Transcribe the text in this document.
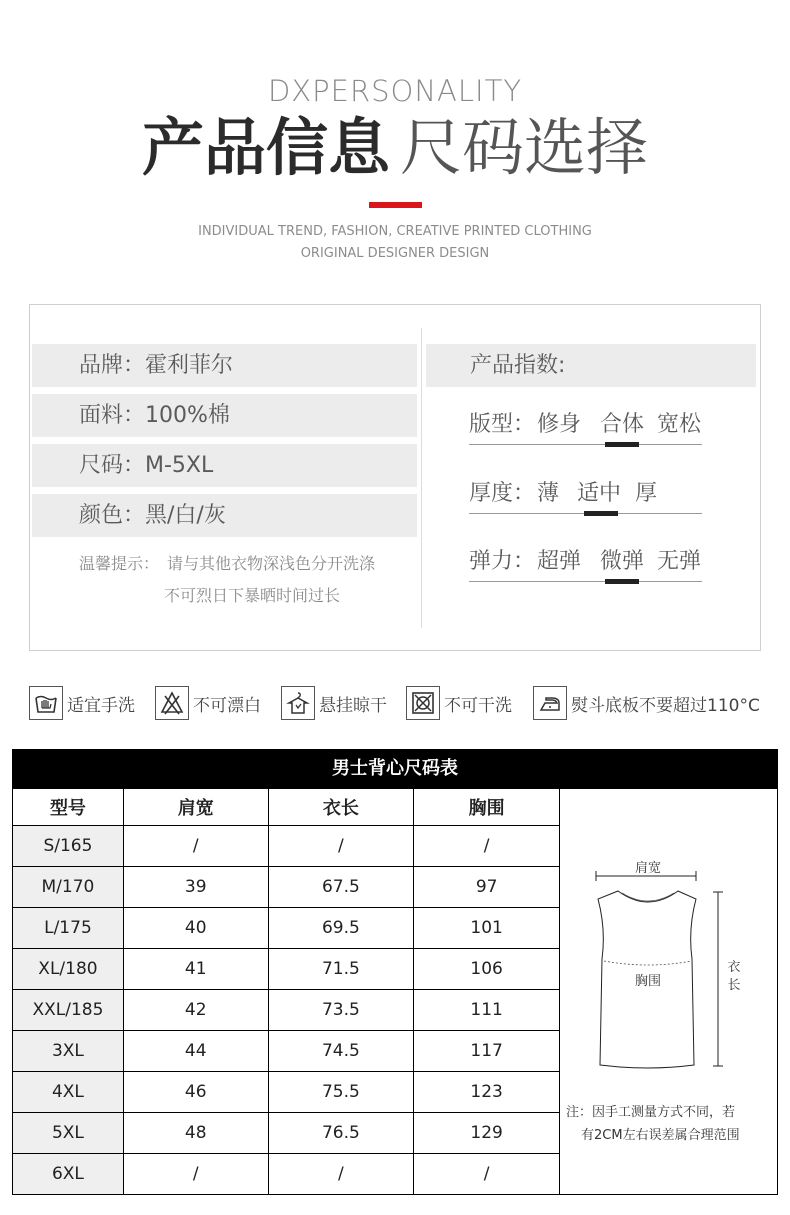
DXPERSONALITY
产品信息 尺码选择
INDIVIDUAL TREND, FASHION, CREATIVE PRINTED CLOTHING
ORIGINAL DESIGNER DESIGN
品牌：霍利菲尔
面料：100%棉
尺码：M-5XL
颜色：黑/白/灰
温馨提示： 请与其他衣物深浅色分开洗涤
不可烈日下暴晒时间过长
产品指数:
版型： 修身 合体 宽松
厚度： 薄 适中 厚
弹力： 超弹 微弹 无弹
适宜手洗	不可漂白	悬挂晾干	不可干洗	熨斗底板不要超过110°C
男士背心尺码表
型号	肩宽	衣长	胸围
S/165	/	/	/
M/170	39	67.5	97
L/175	40	69.5	101
XL/180	41	71.5	106
XXL/185	42	73.5	111
3XL	44	74.5	117
4XL	46	75.5	123
5XL	48	76.5	129
6XL	/	/	/
肩宽
胸围
衣
长
注：因手工测量方式不同，若
有2CM左右误差属合理范围
